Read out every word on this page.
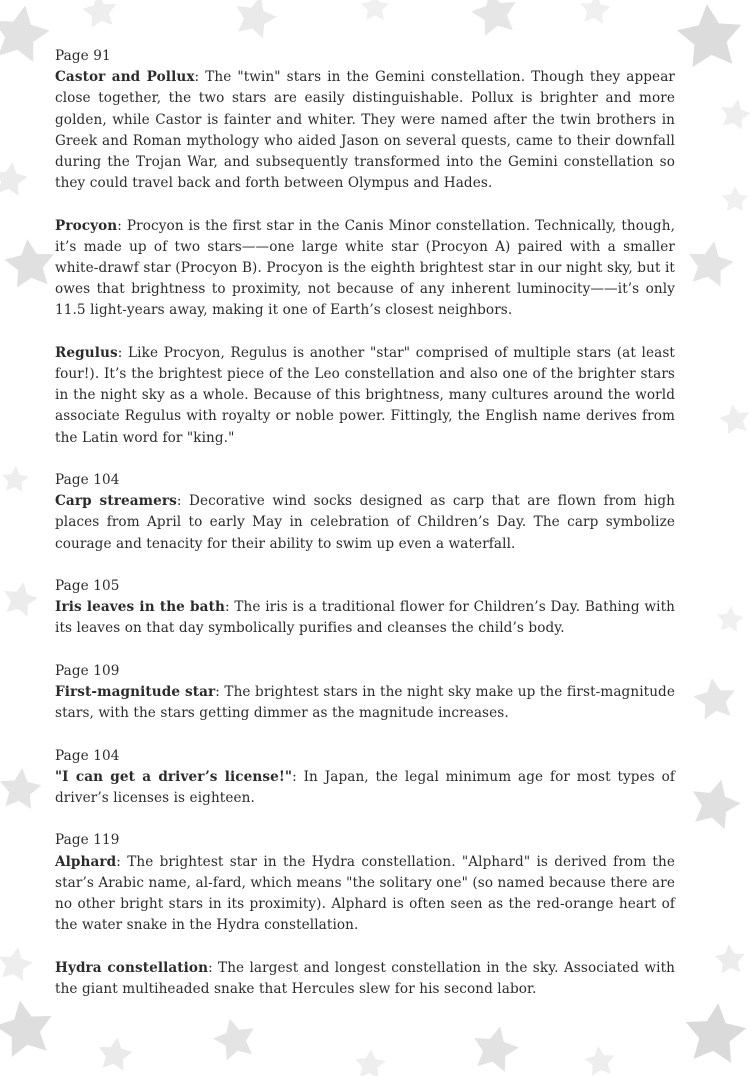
Page 91

Castor and Pollux: The "twin" stars in the Gemini constellation. Though they appear close together, the two stars are easily distinguishable. Pollux is brighter and more golden, while Castor is fainter and whiter. They were named after the twin brothers in Greek and Roman mythology who aided Jason on several quests, came to their downfall during the Trojan War, and subsequently transformed into the Gemini constellation so they could travel back and forth between Olympus and Hades.

Procyon: Procyon is the first star in the Canis Minor constellation. Technically, though, it’s made up of two stars——one large white star (Procyon A) paired with a smaller white-drawf star (Procyon B). Procyon is the eighth brightest star in our night sky, but it owes that brightness to proximity, not because of any inherent luminocity——it’s only 11.5 light-years away, making it one of Earth’s closest neighbors.

Regulus: Like Procyon, Regulus is another "star" comprised of multiple stars (at least four!). It’s the brightest piece of the Leo constellation and also one of the brighter stars in the night sky as a whole. Because of this brightness, many cultures around the world associate Regulus with royalty or noble power. Fittingly, the English name derives from the Latin word for "king."

Page 104

Carp streamers: Decorative wind socks designed as carp that are flown from high places from April to early May in celebration of Children’s Day. The carp symbolize courage and tenacity for their ability to swim up even a waterfall.

Page 105

Iris leaves in the bath: The iris is a traditional flower for Children’s Day. Bathing with its leaves on that day symbolically purifies and cleanses the child’s body.

Page 109

First-magnitude star: The brightest stars in the night sky make up the first-magnitude stars, with the stars getting dimmer as the magnitude increases.

Page 104

"I can get a driver’s license!": In Japan, the legal minimum age for most types of driver’s licenses is eighteen.

Page 119

Alphard: The brightest star in the Hydra constellation. "Alphard" is derived from the star’s Arabic name, al-fard, which means "the solitary one" (so named because there are no other bright stars in its proximity). Alphard is often seen as the red-orange heart of the water snake in the Hydra constellation.

Hydra constellation: The largest and longest constellation in the sky. Associated with the giant multiheaded snake that Hercules slew for his second labor.
